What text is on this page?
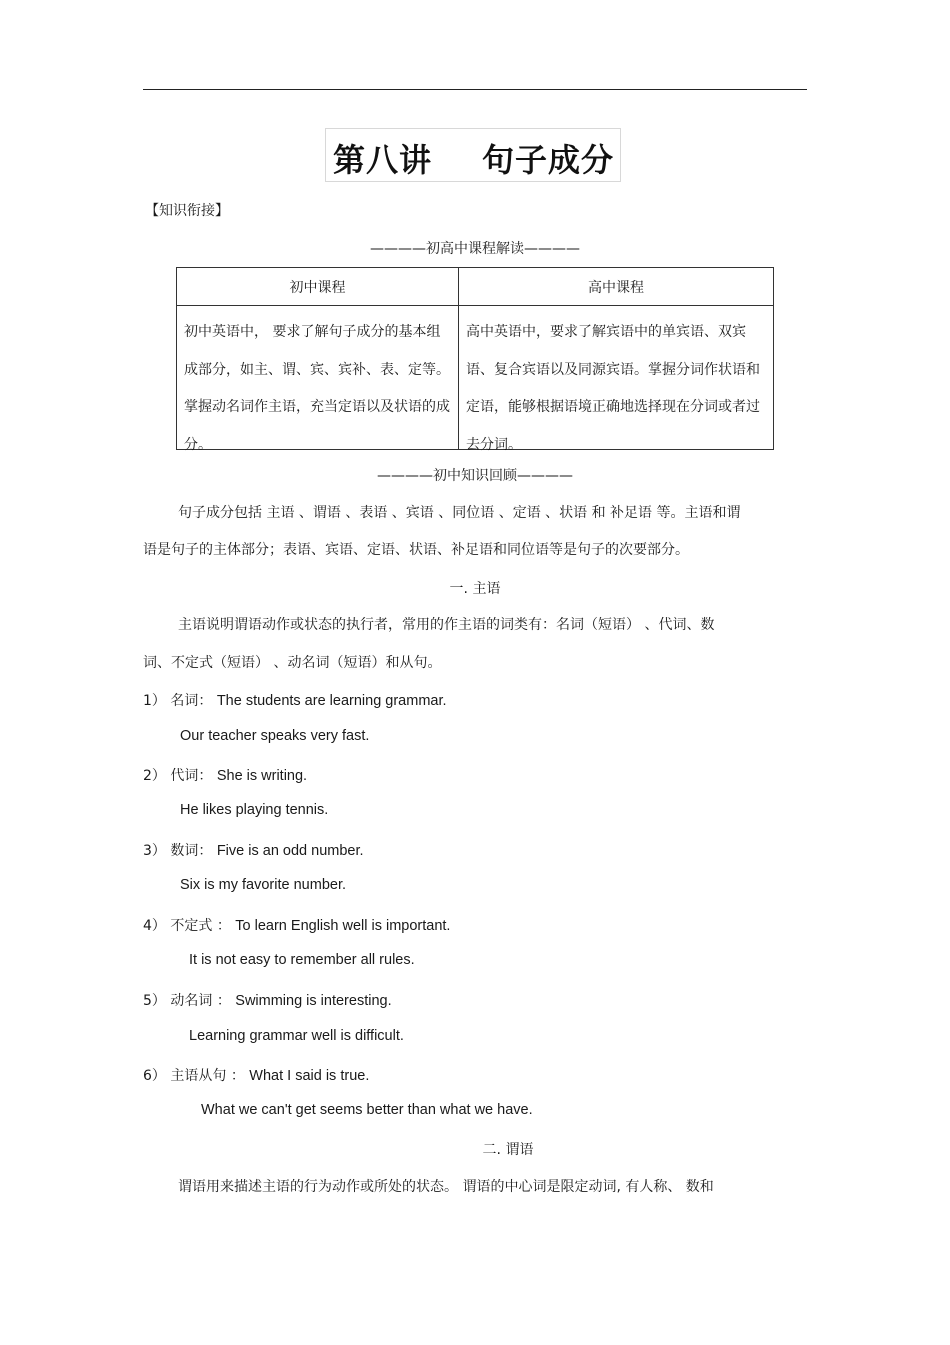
第八讲 句子成分
【知识衔接】
————初高中课程解读————
初中课程	高中课程

初中英语中， 要求了解句子成分的基本组成部分，如主、谓、宾、宾补、表、定等。掌握动名词作主语，充当定语以及状语的成分。	高中英语中，要求了解宾语中的单宾语、双宾语、复合宾语以及同源宾语。掌握分词作状语和定语，能够根据语境正确地选择现在分词或者过去分词。
————初中知识回顾————
句子成分包括 主语 、谓语 、表语 、宾语 、同位语 、定语 、状语 和 补足语 等。主语和谓
语是句子的主体部分；表语、宾语、定语、状语、补足语和同位语等是句子的次要部分。
一. 主语
主语说明谓语动作或状态的执行者，常用的作主语的词类有：名词（短语） 、代词、数
词、不定式（短语） 、动名词（短语）和从句。
1） 名词： The students are learning grammar.
Our teacher speaks very fast.
2） 代词： She is writing.
He likes playing tennis.
3） 数词： Five is an odd number.
Six is my favorite number.
4） 不定式 ： To learn English well is important.
It is not easy to remember all rules.
5） 动名词 ： Swimming is interesting.
Learning grammar well is difficult.
6） 主语从句 ： What I said is true.
What we can't get seems better than what we have.
二. 谓语
谓语用来描述主语的行为动作或所处的状态。 谓语的中心词是限定动词, 有人称、 数和
